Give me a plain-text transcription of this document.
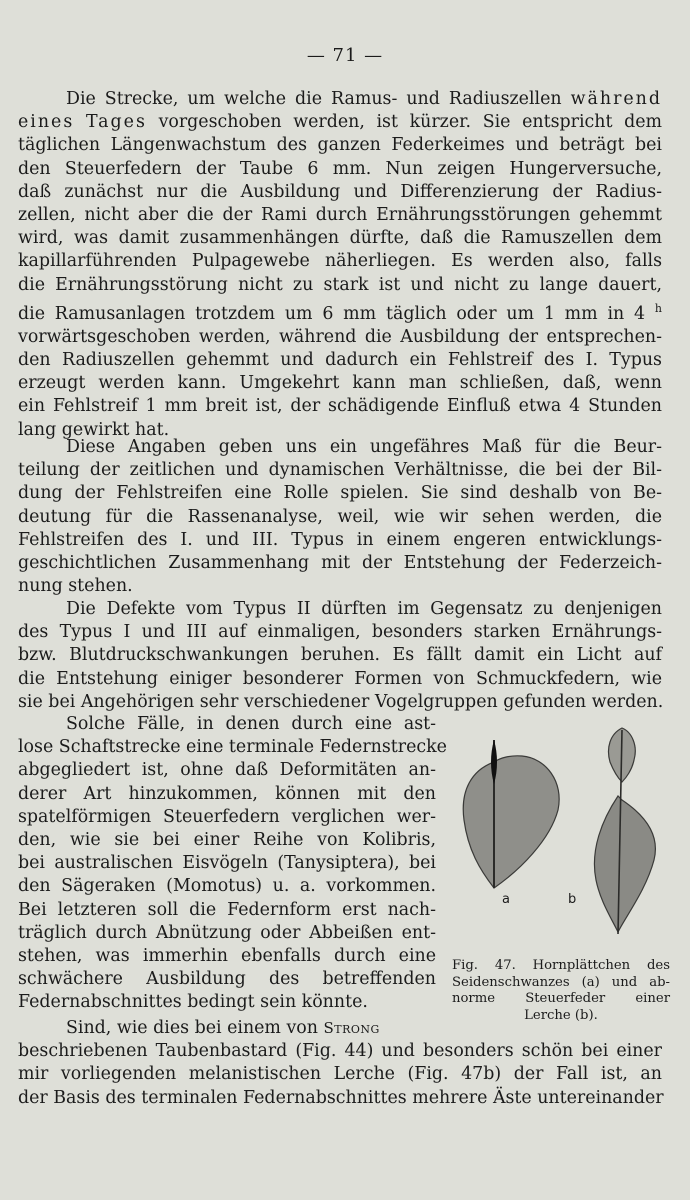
— 71 —
Die Strecke, um welche die Ramus- und Radiuszellen während
eines Tages vorgeschoben werden, ist kürzer. Sie entspricht dem
täglichen Längenwachstum des ganzen Federkeimes und beträgt bei
den Steuerfedern der Taube 6 mm. Nun zeigen Hungerversuche,
daß zunächst nur die Ausbildung und Differenzierung der Radius-
zellen, nicht aber die der Rami durch Ernährungsstörungen gehemmt
wird, was damit zusammenhängen dürfte, daß die Ramuszellen dem
kapillarführenden Pulpagewebe näherliegen. Es werden also, falls
die Ernährungsstörung nicht zu stark ist und nicht zu lange dauert,
die Ramusanlagen trotzdem um 6 mm täglich oder um 1 mm in 4 $^h$
vorwärtsgeschoben werden, während die Ausbildung der entsprechen-
den Radiuszellen gehemmt und dadurch ein Fehlstreif des I. Typus
erzeugt werden kann. Umgekehrt kann man schließen, daß, wenn
ein Fehlstreif 1 mm breit ist, der schädigende Einfluß etwa 4 Stunden
lang gewirkt hat.
Diese Angaben geben uns ein ungefähres Maß für die Beur-
teilung der zeitlichen und dynamischen Verhältnisse, die bei der Bil-
dung der Fehlstreifen eine Rolle spielen. Sie sind deshalb von Be-
deutung für die Rassenanalyse, weil, wie wir sehen werden, die
Fehlstreifen des I. und III. Typus in einem engeren entwicklungs-
geschichtlichen Zusammenhang mit der Entstehung der Federzeich-
nung stehen.
Die Defekte vom Typus II dürften im Gegensatz zu denjenigen
des Typus I und III auf einmaligen, besonders starken Ernährungs-
bzw. Blutdruckschwankungen beruhen. Es fällt damit ein Licht auf
die Entstehung einiger besonderer Formen von Schmuckfedern, wie
sie bei Angehörigen sehr verschiedener Vogelgruppen gefunden werden.
Solche Fälle, in denen durch eine ast-
lose Schaftstrecke eine terminale Federnstrecke
abgegliedert ist, ohne daß Deformitäten an-
derer Art hinzukommen, können mit den
spatelförmigen Steuerfedern verglichen wer-
den, wie sie bei einer Reihe von Kolibris,
bei australischen Eisvögeln (Tanysiptera), bei
den Sägeraken (Momotus) u. a. vorkommen.
Bei letzteren soll die Federnform erst nach-
träglich durch Abnützung oder Abbeißen ent-
stehen, was immerhin ebenfalls durch eine
schwächere Ausbildung des betreffenden
Federnabschnittes bedingt sein könnte.
a	b
Fig. 47. Hornplättchen des
Seidenschwanzes (a) und ab-
norme Steuerfeder einer
Lerche (b).
Sind, wie dies bei einem von Strong
beschriebenen Taubenbastard (Fig. 44) und besonders schön bei einer
mir vorliegenden melanistischen Lerche (Fig. 47b) der Fall ist, an
der Basis des terminalen Federnabschnittes mehrere Äste untereinander
